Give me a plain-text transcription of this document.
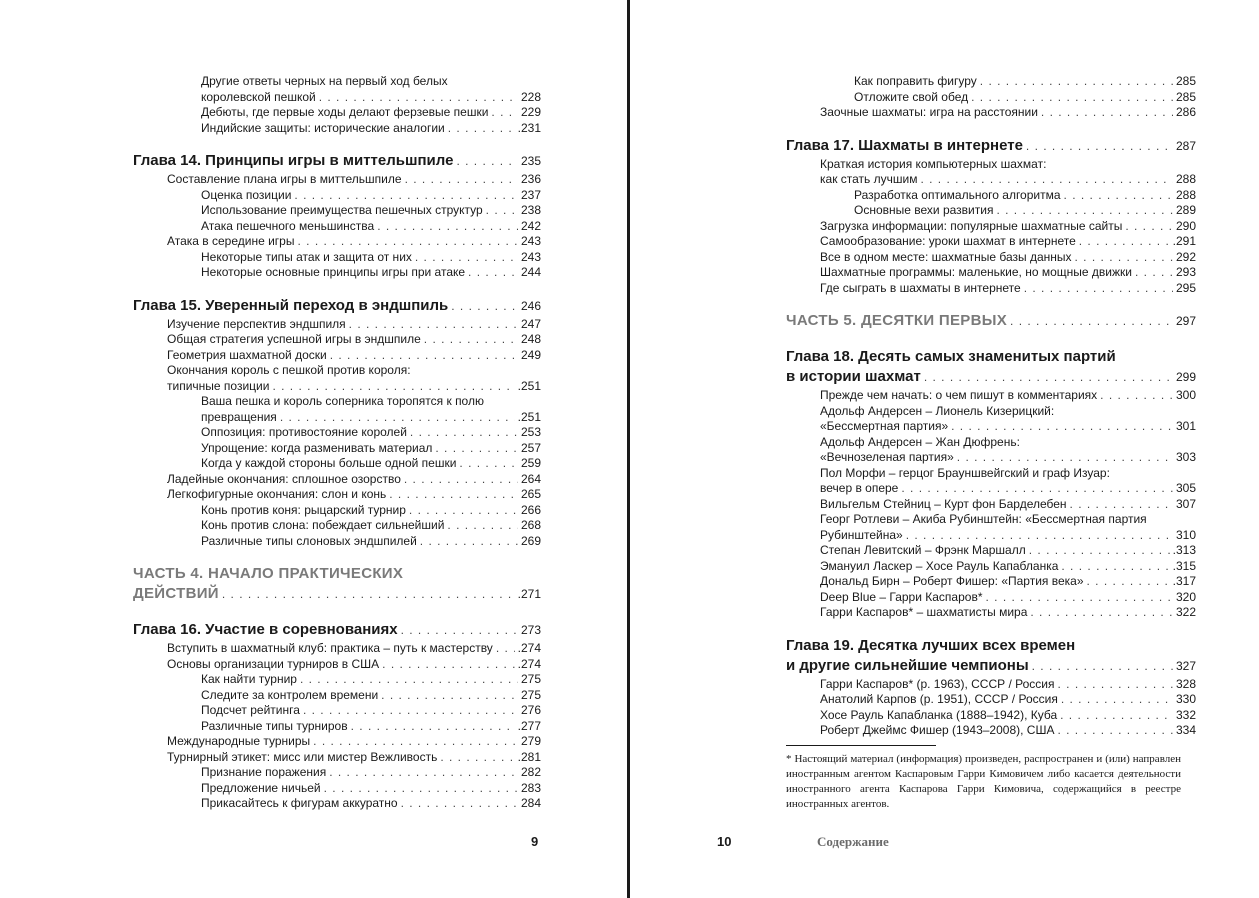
Другие ответы черных на первый ход белых
королевской пешкой . . .	228
Дебюты, где первые ходы делают ферзевые пешки . . .	229
Индийские защиты: исторические аналогии . . .	.231
Глава 14. Принципы игры в миттельшпиле . . .	235
Составление плана игры в миттельшпиле . . .	236
Оценка позиции . . .	237
Использование преимущества пешечных структур . . .	238
Атака пешечного меньшинства . . .	242
Атака в середине игры . . .	243
Некоторые типы атак и защита от них . . .	243
Некоторые основные принципы игры при атаке . . .	244
Глава 15. Уверенный переход в эндшпиль . . .	246
Изучение перспектив эндшпиля . . .	247
Общая стратегия успешной игры в эндшпиле . . .	248
Геометрия шахматной доски . . .	249
Окончания король с пешкой против короля:
типичные позиции . . .	.251
Ваша пешка и король соперника торопятся к полю
превращения . . .	.251
Оппозиция: противостояние королей . . .	253
Упрощение: когда разменивать материал . . .	257
Когда у каждой стороны больше одной пешки . . .	259
Ладейные окончания: сплошное озорство . . .	264
Легкофигурные окончания: слон и конь . . .	265
Конь против коня: рыцарский турнир . . .	266
Конь против слона: побеждает сильнейший . . .	268
Различные типы слоновых эндшпилей . . .	269
ЧАСТЬ 4. НАЧАЛО ПРАКТИЧЕСКИХ
ДЕЙСТВИЙ . . .	.271
Глава 16. Участие в соревнованиях . . .	273
Вступить в шахматный клуб: практика – путь к мастерству . . . .274
Основы организации турниров в США . . .	.274
Как найти турнир . . .	275
Следите за контролем времени . . .	275
Подсчет рейтинга . . .	276
Различные типы турниров . . .	.277
Международные турниры . . .	279
Турнирный этикет: мисс или мистер Вежливость . . .	.281
Признание поражения . . .	282
Предложение ничьей . . .	283
Прикасайтесь к фигурам аккуратно . . .	284
9
Как поправить фигуру . . .	285
Отложите свой обед . . .	285
Заочные шахматы: игра на расстоянии . . .	286
Глава 17. Шахматы в интернете . . .	287
Краткая история компьютерных шахмат:
как стать лучшим . . .	288
Разработка оптимального алгоритма . . .	288
Основные вехи развития . . .	289
Загрузка информации: популярные шахматные сайты . . .	290
Самообразование: уроки шахмат в интернете . . .	.291
Все в одном месте: шахматные базы данных . . .	292
Шахматные программы: маленькие, но мощные движки . . .	293
Где сыграть в шахматы в интернете . . .	295
ЧАСТЬ 5. ДЕСЯТКИ ПЕРВЫХ . . .	297
Глава 18. Десять самых знаменитых партий
в истории шахмат . . .	299
Прежде чем начать: о чем пишут в комментариях . . .	300
Адольф Андерсен – Лионель Кизерицкий:
«Бессмертная партия» . . .	301
Адольф Андерсен – Жан Дюфрень:
«Вечнозеленая партия» . . .	303
Пол Морфи – герцог Брауншвейгский и граф Изуар:
вечер в опере . . .	305
Вильгельм Стейниц – Курт фон Барделебен . . .	307
Георг Ротлеви – Акиба Рубинштейн: «Бессмертная партия
Рубинштейна» . . .	310
Степан Левитский – Фрэнк Маршалл . . .	.313
Эмануил Ласкер – Хосе Рауль Капабланка . . .	.315
Дональд Бирн – Роберт Фишер: «Партия века» . . .	.317
Deep Blue – Гарри Каспаров* . . .	320
Гарри Каспаров* – шахматисты мира . . .	322
Глава 19. Десятка лучших всех времен
и другие сильнейшие чемпионы . . .	327
Гарри Каспаров* (р. 1963), СССР / Россия . . .	328
Анатолий Карпов (р. 1951), СССР / Россия . . .	330
Хосе Рауль Капабланка (1888–1942), Куба . . .	332
Роберт Джеймс Фишер (1943–2008), США . . .	334
* Настоящий материал (информация) произведен, распространен и (или) направлен иностранным агентом Каспаровым Гарри Кимовичем либо касается деятельности иностранного агента Каспарова Гарри Кимовича, содержащийся в реестре иностранных агентов.
10	Содержание
